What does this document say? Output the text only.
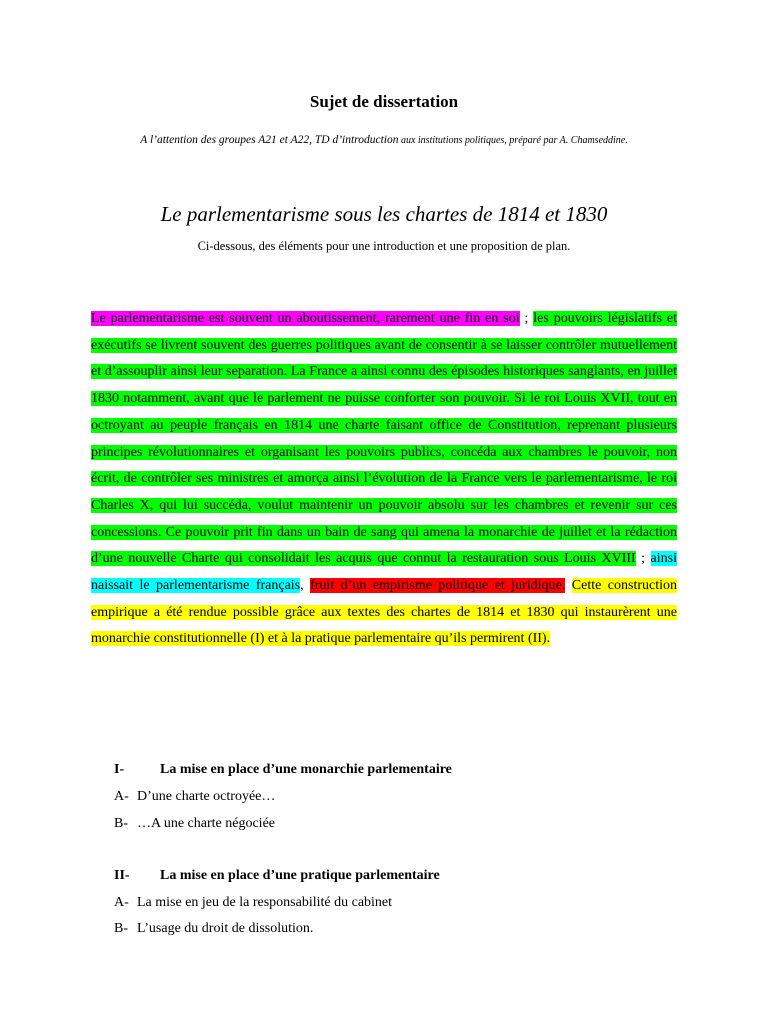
Sujet de dissertation

A l’attention des groupes A21 et A22, TD d’introduction aux institutions politiques, préparé par A. Chamseddine.

Le parlementarisme sous les chartes de 1814 et 1830

Ci-dessous, des éléments pour une introduction et une proposition de plan.

Le parlementarisme est souvent un aboutissement, rarement une fin en soi ; les pouvoirs législatifs et exécutifs se livrent souvent des guerres politiques avant de consentir à se laisser contrôler mutuellement et d’assouplir ainsi leur separation. La France a ainsi connu des épisodes historiques sanglants, en juillet 1830 notamment, avant que le parlement ne puisse conforter son pouvoir. Si le roi Louis XVII, tout en octroyant au peuple français en 1814 une charte faisant office de Constitution, reprenant plusieurs principes révolutionnaires et organisant les pouvoirs publics, concéda aux chambres le pouvoir, non écrit, de contrôler ses ministres et amorça ainsi l’évolution de la France vers le parlementarisme, le roi Charles X, qui lui succéda, voulut maintenir un pouvoir absolu sur les chambres et revenir sur ces concessions. Ce pouvoir prit fin dans un bain de sang qui amena la monarchie de juillet et la rédaction d’une nouvelle Charte qui consolidait les acquis que connut la restauration sous Louis XVIII ; ainsi naissait le parlementarisme français, fruit d’un empirisme politique et juridique. Cette construction empirique a été rendue possible grâce aux textes des chartes de 1814 et 1830 qui instaurèrent une monarchie constitutionnelle (I) et à la pratique parlementaire qu’ils permirent (II).

I-	La mise en place d’une monarchie parlementaire

A- D’une charte octroyée…

B- …A une charte négociée

II- La mise en place d’une pratique parlementaire

A- La mise en jeu de la responsabilité du cabinet

B- L’usage du droit de dissolution.
